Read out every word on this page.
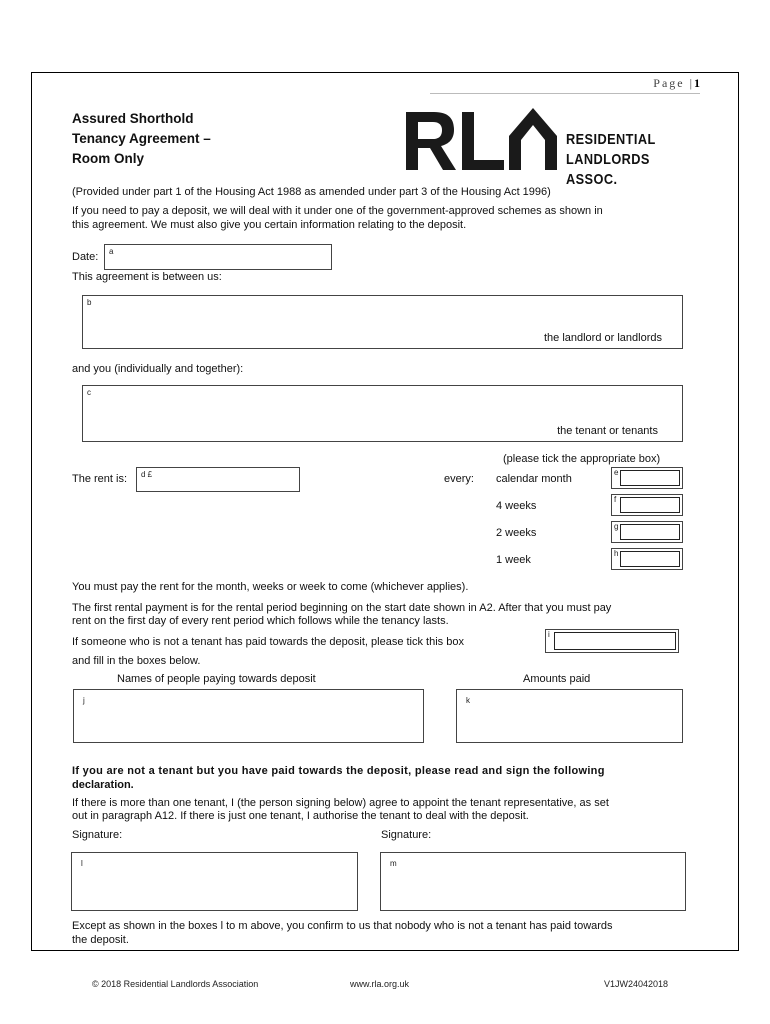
Page |1
Assured Shorthold
Tenancy Agreement –
Room Only
RESIDENTIAL
LANDLORDS ASSOC.
(Provided under part 1 of the Housing Act 1988 as amended under part 3 of the Housing Act 1996)
If you need to pay a deposit, we will deal with it under one of the government-approved schemes as shown in
this agreement. We must also give you certain information relating to the deposit.
Date: a
This agreement is between us:
b
the landlord or landlords
and you (individually and together):
c
the tenant or tenants
(please tick the appropriate box)
The rent is: d £	every: calendar month
e
4 weeks
f
2 weeks
g
1 week
h
You must pay the rent for the month, weeks or week to come (whichever applies).
The first rental payment is for the rental period beginning on the start date shown in A2. After that you must pay
rent on the first day of every rent period which follows while the tenancy lasts.
If someone who is not a tenant has paid towards the deposit, please tick this box
and fill in the boxes below.
i
Names of people paying towards deposit	Amounts paid
j	k
If you are not a tenant but you have paid towards the deposit, please read and sign the following
declaration.
If there is more than one tenant, I (the person signing below) agree to appoint the tenant representative, as set
out in paragraph A12. If there is just one tenant, I authorise the tenant to deal with the deposit.
Signature:	Signature:
l	m
Except as shown in the boxes l to m above, you confirm to us that nobody who is not a tenant has paid towards
the deposit.
© 2018 Residential Landlords Association	www.rla.org.uk	V1JW24042018
